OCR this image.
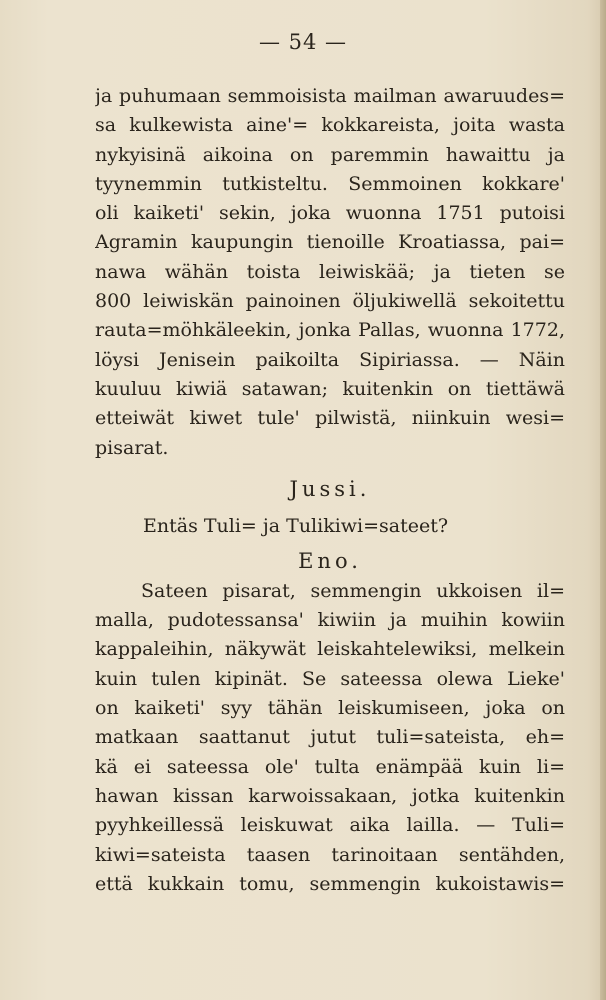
— 54 —
ja puhumaan semmoisista mailman awaruudes=
sa kulkewista aine'= kokkareista, joita wasta
nykyisinä aikoina on paremmin hawaittu ja
tyynemmin tutkisteltu. Semmoinen kokkare'
oli kaiketi' sekin, joka wuonna 1751 putoisi
Agramin kaupungin tienoille Kroatiassa, pai=
nawa wähän toista leiwiskää; ja tieten se
800 leiwiskän painoinen öljukiwellä sekoitettu
rauta=möhkäleekin, jonka Pallas, wuonna 1772,
löysi Jenisein paikoilta Sipiriassa. — Näin
kuuluu kiwiä satawan; kuitenkin on tiettäwä
etteiwät kiwet tule' pilwistä, niinkuin wesi=
pisarat.
Jussi.
Entäs Tuli= ja Tulikiwi=sateet?
Eno.
Sateen pisarat, semmengin ukkoisen il=
malla, pudotessansa' kiwiin ja muihin kowiin
kappaleihin, näkywät leiskahtelewiksi, melkein
kuin tulen kipinät. Se sateessa olewa Lieke'
on kaiketi' syy tähän leiskumiseen, joka on
matkaan saattanut jutut tuli=sateista, eh=
kä ei sateessa ole' tulta enämpää kuin li=
hawan kissan karwoissakaan, jotka kuitenkin
pyyhkeillessä leiskuwat aika lailla. — Tuli=
kiwi=sateista taasen tarinoitaan sentähden,
että kukkain tomu, semmengin kukoistawis=
